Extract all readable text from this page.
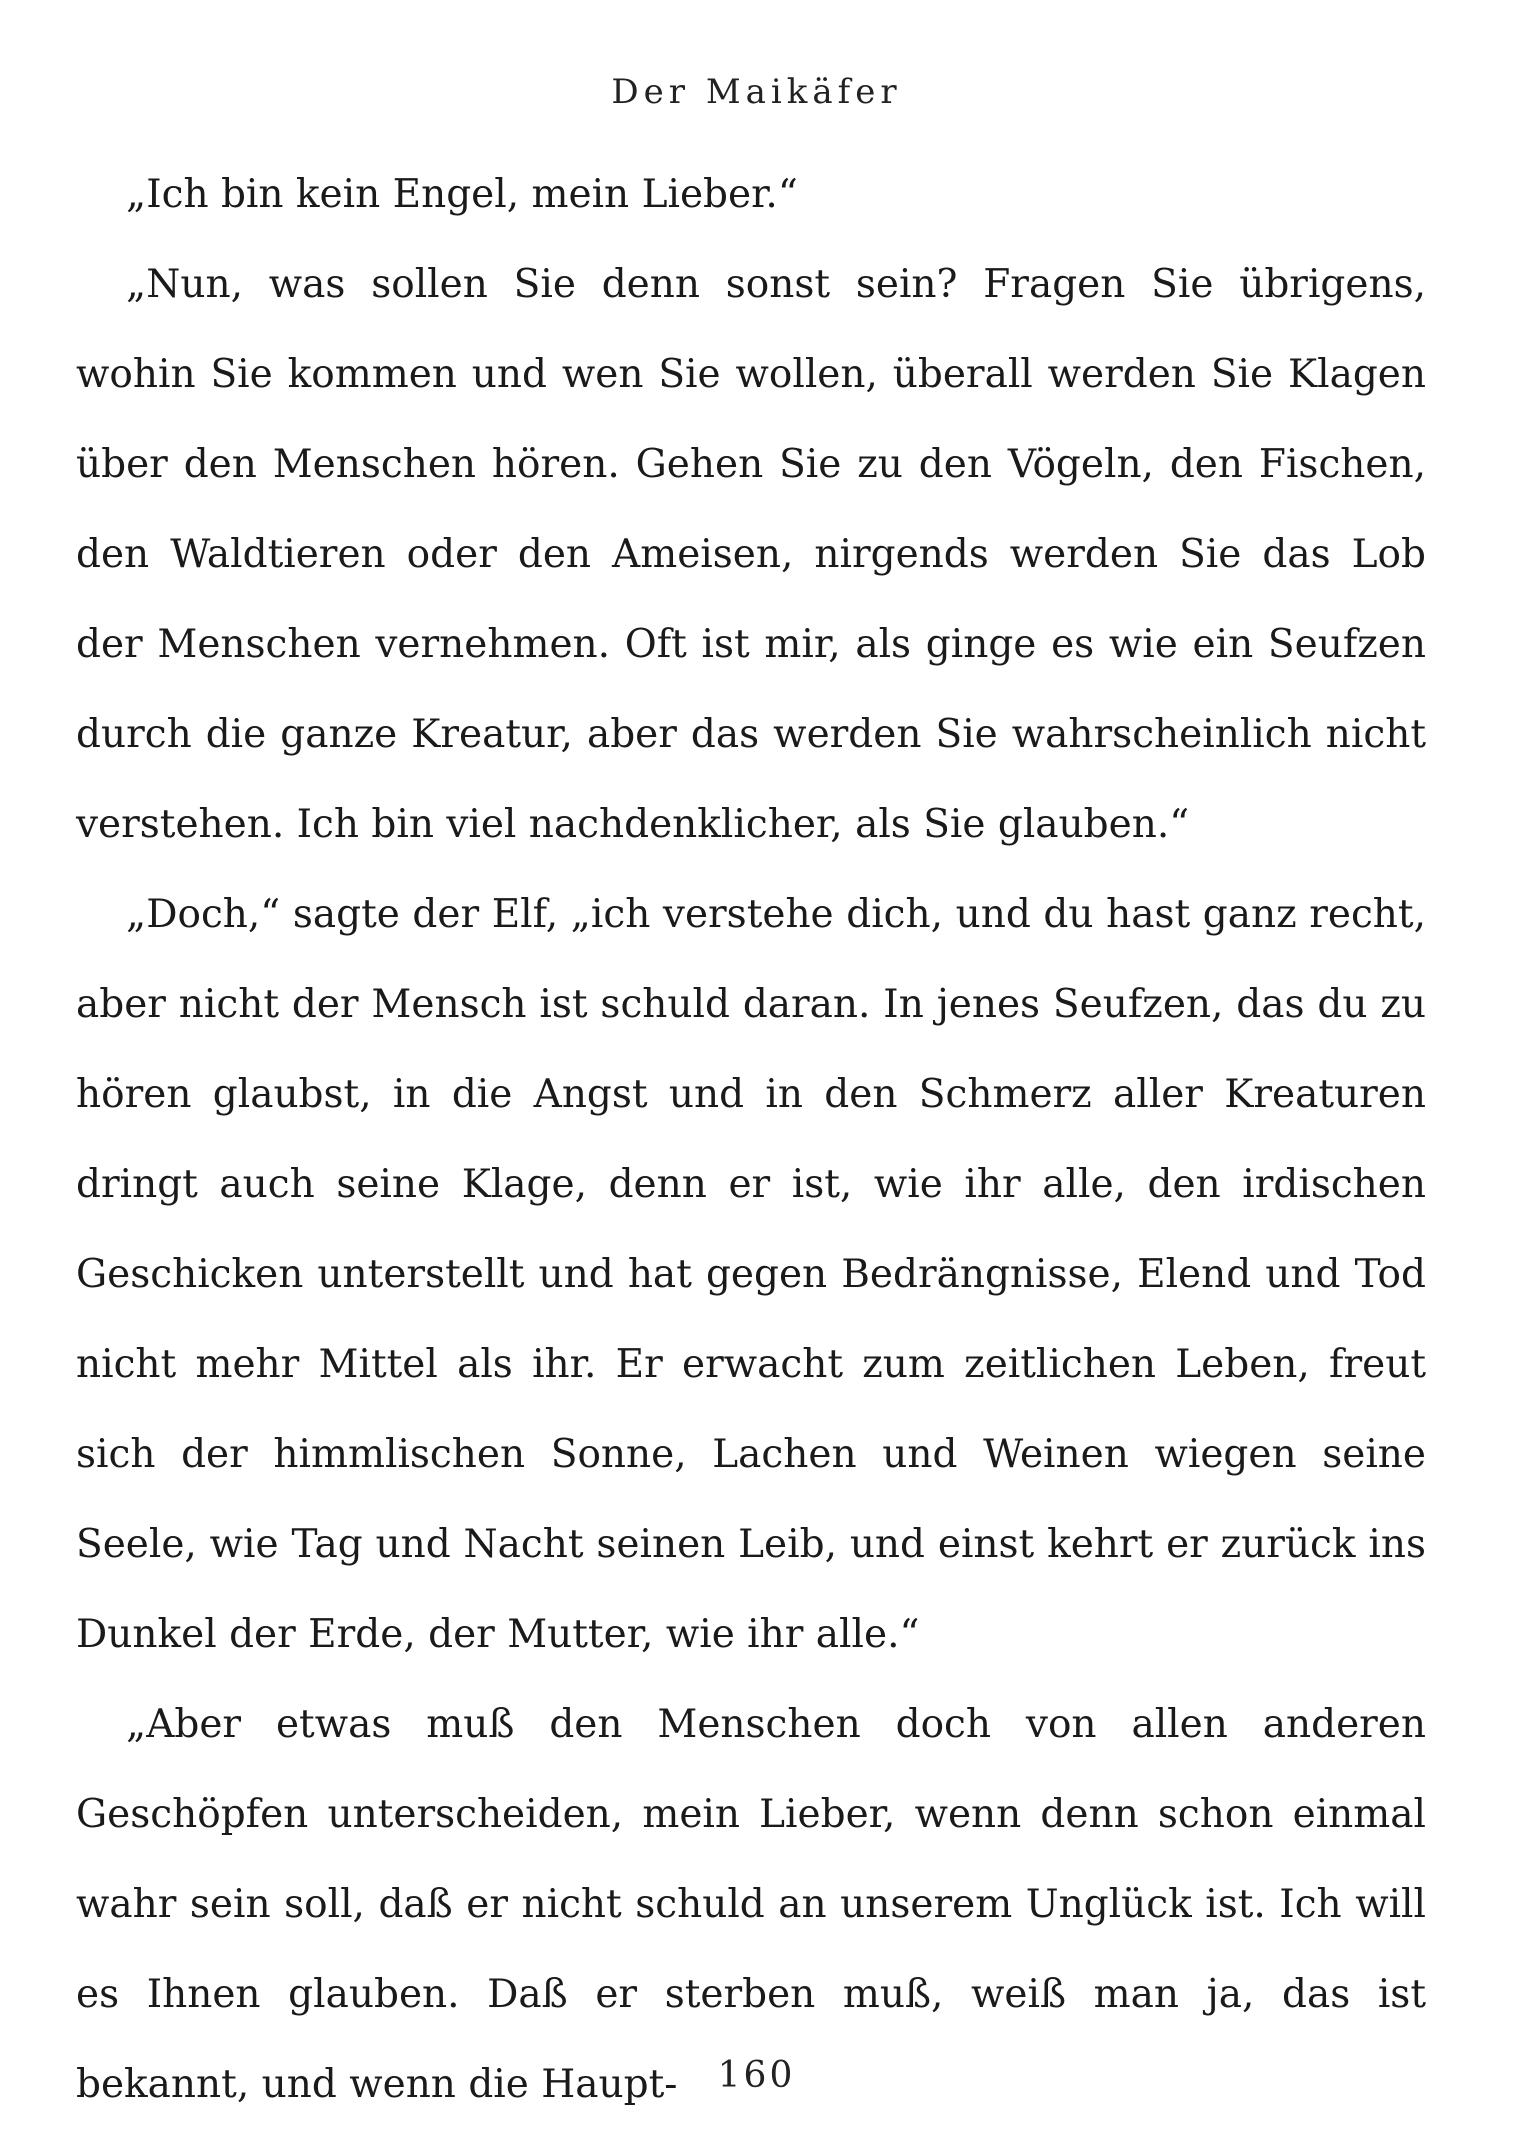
Der Maikäfer

„Ich bin kein Engel, mein Lieber.“

„Nun, was sollen Sie denn sonst sein? Fragen Sie übrigens, wohin Sie kommen und wen Sie wollen, überall werden Sie Klagen über den Menschen hören. Gehen Sie zu den Vögeln, den Fischen, den Waldtieren oder den Ameisen, nirgends werden Sie das Lob der Menschen vernehmen. Oft ist mir, als ginge es wie ein Seufzen durch die ganze Kreatur, aber das werden Sie wahrscheinlich nicht verstehen. Ich bin viel nachdenklicher, als Sie glauben.“

„Doch,“ sagte der Elf, „ich verstehe dich, und du hast ganz recht, aber nicht der Mensch ist schuld daran. In jenes Seufzen, das du zu hören glaubst, in die Angst und in den Schmerz aller Kreaturen dringt auch seine Klage, denn er ist, wie ihr alle, den irdischen Geschicken unterstellt und hat gegen Bedrängnisse, Elend und Tod nicht mehr Mittel als ihr. Er erwacht zum zeitlichen Leben, freut sich der himmlischen Sonne, Lachen und Weinen wiegen seine Seele, wie Tag und Nacht seinen Leib, und einst kehrt er zurück ins Dunkel der Erde, der Mutter, wie ihr alle.“

„Aber etwas muß den Menschen doch von allen anderen Geschöpfen unterscheiden, mein Lieber, wenn denn schon einmal wahr sein soll, daß er nicht schuld an unserem Unglück ist. Ich will es Ihnen glauben. Daß er sterben muß, weiß man ja, das ist bekannt, und wenn die Haupt-	160
